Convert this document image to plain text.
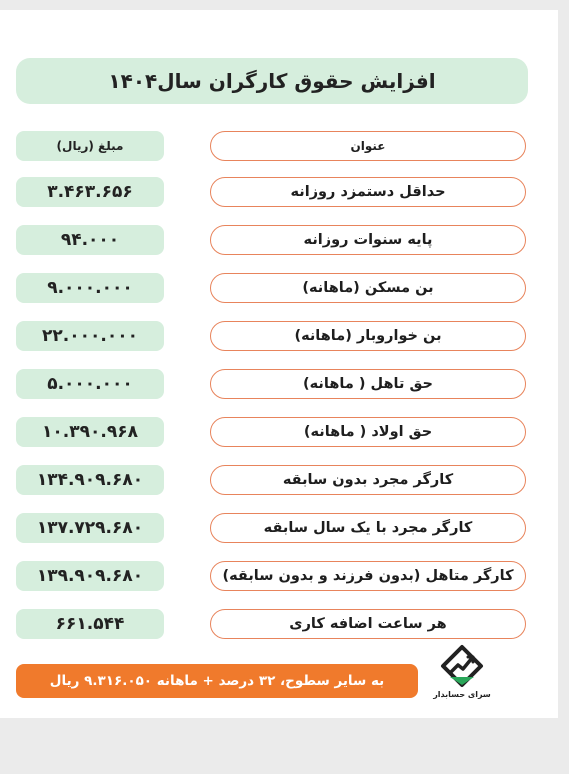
افزایش حقوق کارگران سال۱۴۰۴
مبلغ (ریال)	عنوان
۳.۴۶۳.۶۵۶	حداقل دستمزد روزانه
۹۴.۰۰۰	پایه سنوات روزانه
۹.۰۰۰.۰۰۰	بن مسکن (ماهانه)
۲۲.۰۰۰.۰۰۰	بن خواروبار (ماهانه)
۵.۰۰۰.۰۰۰	حق تاهل ( ماهانه)
۱۰.۳۹۰.۹۶۸	حق اولاد ( ماهانه)
۱۳۴.۹۰۹.۶۸۰	کارگر مجرد بدون سابقه
۱۳۷.۷۲۹.۶۸۰	کارگر مجرد با یک سال سابقه
۱۳۹.۹۰۹.۶۸۰	کارگر متاهل (بدون فرزند و بدون سابقه)
۶۶۱.۵۴۴	هر ساعت اضافه کاری
به سایر سطوح، ۳۲ درصد + ماهانه ۹.۳۱۶.۰۵۰ ریال
سرای حسابدار
